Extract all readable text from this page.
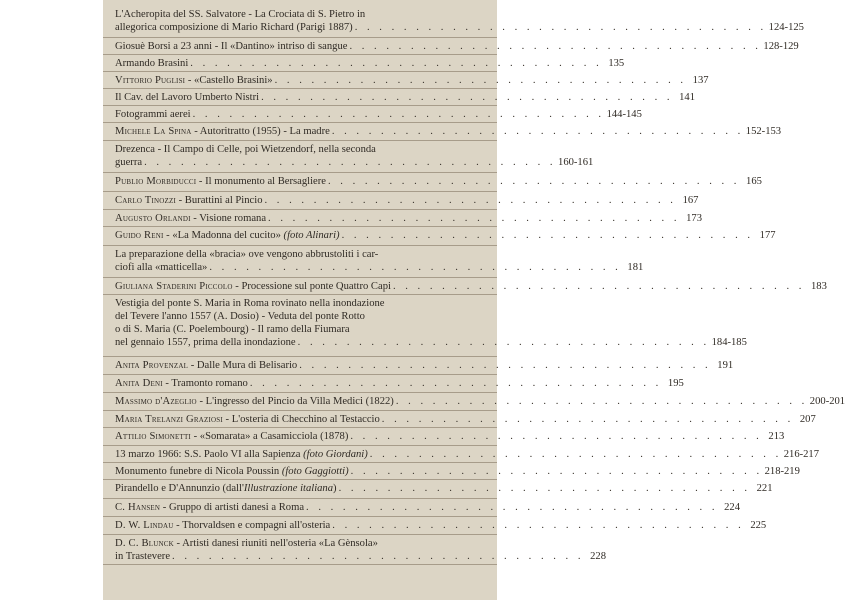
L'Acheropita del SS. Salvatore - La Crociata di S. Pietro in
allegorica composizione di Mario Richard (Parigi 1887) . . . . . . . . . . . . . . . . . . . . . . . . . . . . . . . . . . 124-125
Giosuè Borsi a 23 anni - Il «Dantino» intriso di sangue . . . . . . . . . . . . . . . . . . . . . . . . . . . . . . . . . . 128-129
Armando Brasini . . . . . . . . . . . . . . . . . . . . . . . . . . . . . . . . . . 135
Vittorio Puglisi - «Castello Brasini» . . . . . . . . . . . . . . . . . . . . . . . . . . . . . . . . . . 137
Il Cav. del Lavoro Umberto Nistri . . . . . . . . . . . . . . . . . . . . . . . . . . . . . . . . . . 141
Fotogrammi aerei . . . . . . . . . . . . . . . . . . . . . . . . . . . . . . . . . . 144-145
Michele La Spina - Autoritratto (1955) - La madre . . . . . . . . . . . . . . . . . . . . . . . . . . . . . . . . . . 152-153
Drezenca - Il Campo di Celle, poi Wietzendorf, nella seconda
guerra . . . . . . . . . . . . . . . . . . . . . . . . . . . . . . . . . . 160-161
Publio Morbiducci - Il monumento al Bersagliere . . . . . . . . . . . . . . . . . . . . . . . . . . . . . . . . . . 165
Carlo Tinozzi - Burattini al Pincio . . . . . . . . . . . . . . . . . . . . . . . . . . . . . . . . . . 167
Augusto Orlandi - Visione romana . . . . . . . . . . . . . . . . . . . . . . . . . . . . . . . . . . 173
Guido Reni - «La Madonna del cucito» (foto Alinari) . . . . . . . . . . . . . . . . . . . . . . . . . . . . . . . . . . 177
La preparazione della «bracia» ove vengono abbrustoliti i car-
ciofi alla «matticella» . . . . . . . . . . . . . . . . . . . . . . . . . . . . . . . . . . 181
Giuliana Staderini Piccolo - Processione sul ponte Quattro Capi . . . . . . . . . . . . . . . . . . . . . . . . . . . . . . . . . . 183
Vestigia del ponte S. Maria in Roma rovinato nella inondazione
del Tevere l'anno 1557 (A. Dosio) - Veduta del ponte Rotto
o di S. Maria (C. Poelembourg) - Il ramo della Fiumara
nel gennaio 1557, prima della inondazione . . . . . . . . . . . . . . . . . . . . . . . . . . . . . . . . . . 184-185
Anita Provenzal - Dalle Mura di Belisario . . . . . . . . . . . . . . . . . . . . . . . . . . . . . . . . . . 191
Anita Deni - Tramonto romano . . . . . . . . . . . . . . . . . . . . . . . . . . . . . . . . . . 195
Massimo d'Azeglio - L'ingresso del Pincio da Villa Medici (1822) . . . . . . . . . . . . . . . . . . . . . . . . . . . . . . . . . . 200-201
Maria Trelanzi Graziosi - L'osteria di Checchino al Testaccio . . . . . . . . . . . . . . . . . . . . . . . . . . . . . . . . . . 207
Attilio Simonetti - «Somarata» a Casamicciola (1878) . . . . . . . . . . . . . . . . . . . . . . . . . . . . . . . . . . 213
13 marzo 1966: S.S. Paolo VI alla Sapienza (foto Giordani) . . . . . . . . . . . . . . . . . . . . . . . . . . . . . . . . . . 216-217
Monumento funebre di Nicola Poussin (foto Gaggiotti) . . . . . . . . . . . . . . . . . . . . . . . . . . . . . . . . . . 218-219
Pirandello e D'Annunzio (dall'Illustrazione italiana) . . . . . . . . . . . . . . . . . . . . . . . . . . . . . . . . . . 221
C. Hansen - Gruppo di artisti danesi a Roma . . . . . . . . . . . . . . . . . . . . . . . . . . . . . . . . . . 224
D. W. Lindau - Thorvaldsen e compagni all'osteria . . . . . . . . . . . . . . . . . . . . . . . . . . . . . . . . . . 225
D. C. Blunck - Artisti danesi riuniti nell'osteria «La Gènsola»
in Trastevere . . . . . . . . . . . . . . . . . . . . . . . . . . . . . . . . . . 228
